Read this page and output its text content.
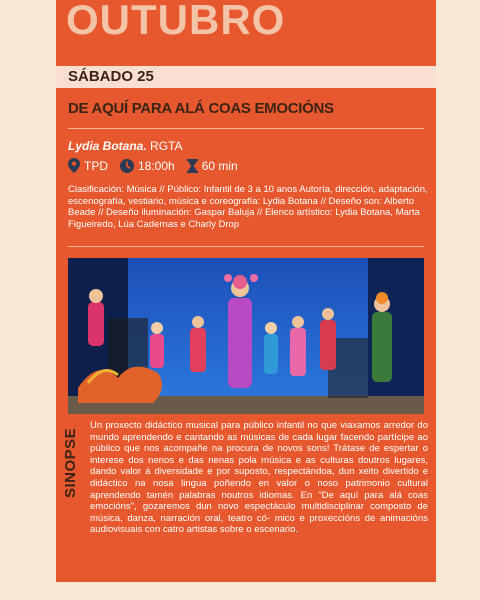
OUTUBRO
SÁBADO 25
DE AQUÍ PARA ALÁ COAS EMOCIÓNS
Lydia Botana. RGTA
TPD	18:00h 60 min
Clasificación: Música // Público: Infantil de 3 a 10 anos Autoría, dirección, adaptación, escenografía, vestiario, música e coreografía: Lydia Botana // Deseño son: Alberto Beade // Deseño iluminación: Gaspar Baluja // Elenco artístico: Lydia Botana, Marta Figueiredo, Lúa Cadernas e Charly Drop
SINOPSE
Un proxecto didáctico musical para público infantil no que viaxamos arredor do mundo aprendendo e cantando as músicas de cada lugar facendo partícipe ao público que nos acompañe na procura de novos sons! Trátase de espertar o interese dos nenos e das nenas pola música e as culturas doutros lugares, dando valor á diversidade e por suposto, respectándoa, dun xeito divertido e didáctico na nosa lingua poñendo en valor o noso patrimonio cultural aprendendo tamén palabras noutros idiomas. En "De aquí para alá coas emocións", gozaremos dun novo espectáculo multidisciplinar composto de música, danza, narración oral, teatro có- mico e proxeccións de animacións audiovisuais con catro artistas sobre o escenario.
